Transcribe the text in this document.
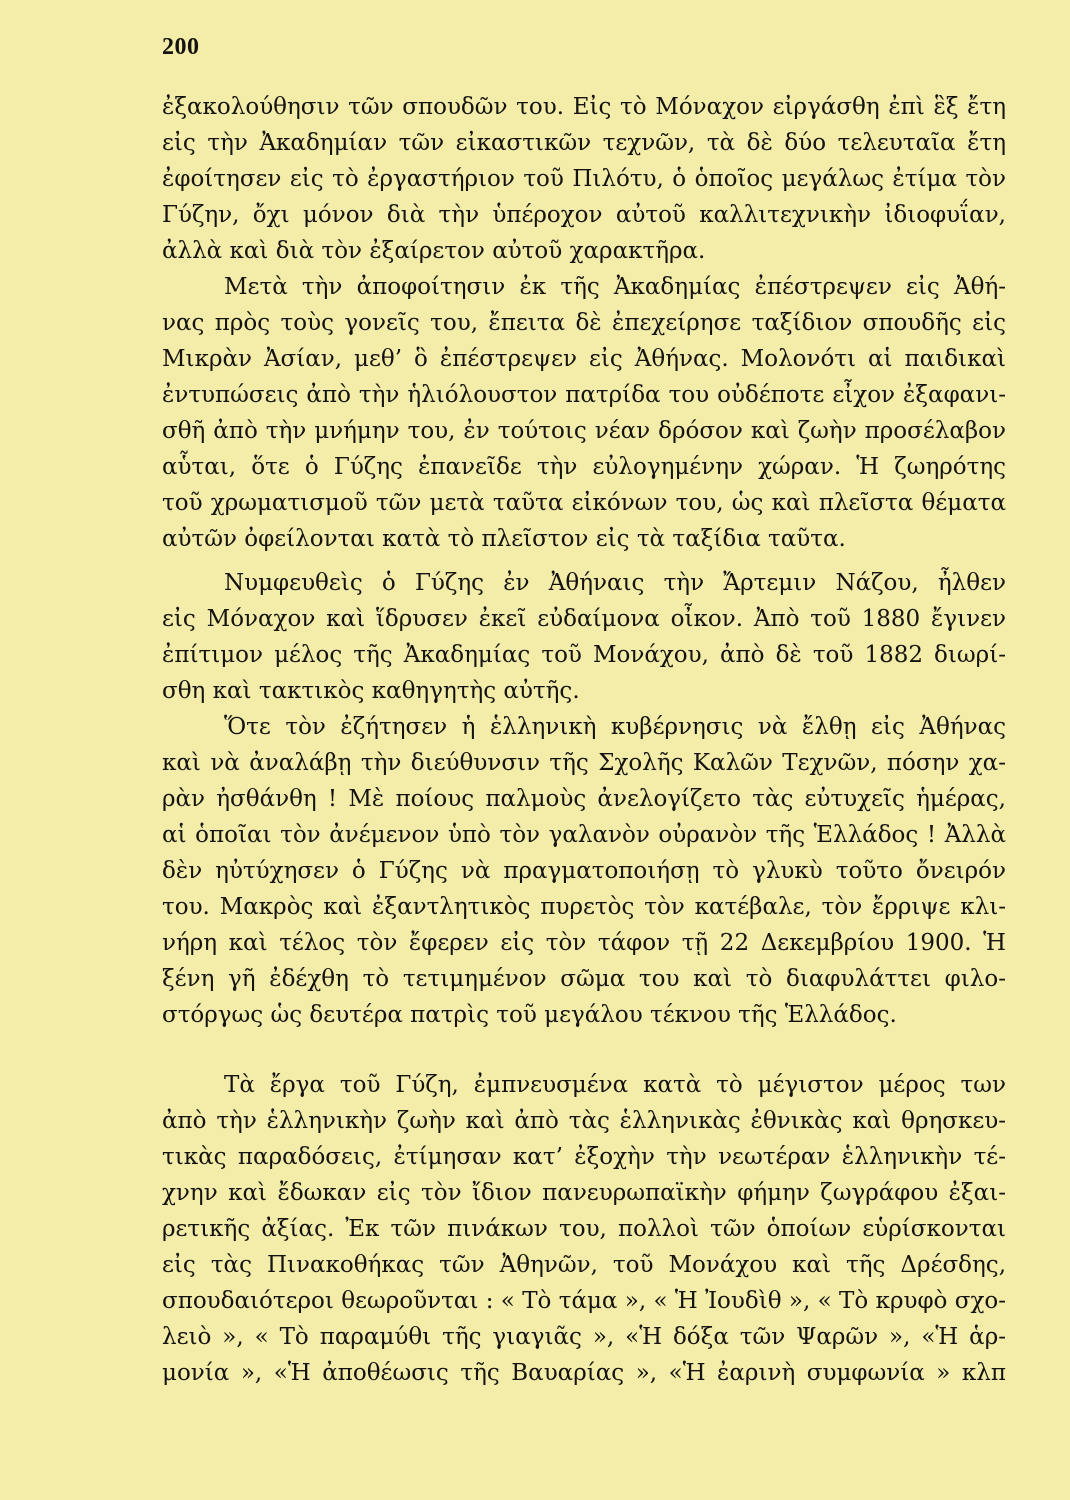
200
ἐξακολούθησιν τῶν σπουδῶν του. Εἰς τὸ Μόναχον εἰργάσθη ἐπὶ ἓξ ἔτη
εἰς τὴν Ἀκαδημίαν τῶν εἰκαστικῶν τεχνῶν, τὰ δὲ δύο τελευταῖα ἔτη
ἐφοίτησεν εἰς τὸ ἐργαστήριον τοῦ Πιλότυ, ὁ ὁποῖος μεγάλως ἐτίμα τὸν
Γύζην, ὄχι μόνον διὰ τὴν ὑπέροχον αὐτοῦ καλλιτεχνικὴν ἰδιοφυΐαν,
ἀλλὰ καὶ διὰ τὸν ἐξαίρετον αὐτοῦ χαρακτῆρα.
Μετὰ τὴν ἀποφοίτησιν ἐκ τῆς Ἀκαδημίας ἐπέστρεψεν εἰς Ἀθή-
νας πρὸς τοὺς γονεῖς του, ἔπειτα δὲ ἐπεχείρησε ταξίδιον σπουδῆς εἰς
Μικρὰν Ἀσίαν, μεθ’ ὃ ἐπέστρεψεν εἰς Ἀθήνας. Μολονότι αἱ παιδικαὶ
ἐντυπώσεις ἀπὸ τὴν ἡλιόλουστον πατρίδα του οὐδέποτε εἶχον ἐξαφανι-
σθῆ ἀπὸ τὴν μνήμην του, ἐν τούτοις νέαν δρόσον καὶ ζωὴν προσέλαβον
αὗται, ὅτε ὁ Γύζης ἐπανεῖδε τὴν εὐλογημένην χώραν. Ἡ ζωηρότης
τοῦ χρωματισμοῦ τῶν μετὰ ταῦτα εἰκόνων του, ὡς καὶ πλεῖστα θέματα
αὐτῶν ὀφείλονται κατὰ τὸ πλεῖστον εἰς τὰ ταξίδια ταῦτα.
Νυμφευθεὶς ὁ Γύζης ἐν Ἀθήναις τὴν Ἄρτεμιν Νάζου, ἦλθεν
εἰς Μόναχον καὶ ἵδρυσεν ἐκεῖ εὐδαίμονα οἶκον. Ἀπὸ τοῦ 1880 ἔγινεν
ἐπίτιμον μέλος τῆς Ἀκαδημίας τοῦ Μονάχου, ἀπὸ δὲ τοῦ 1882 διωρί-
σθη καὶ τακτικὸς καθηγητὴς αὐτῆς.
Ὅτε τὸν ἐζήτησεν ἡ ἑλληνικὴ κυβέρνησις νὰ ἔλθῃ εἰς Ἀθήνας
καὶ νὰ ἀναλάβῃ τὴν διεύθυνσιν τῆς Σχολῆς Καλῶν Τεχνῶν, πόσην χα-
ρὰν ἠσθάνθη ! Μὲ ποίους παλμοὺς ἀνελογίζετο τὰς εὐτυχεῖς ἡμέρας,
αἱ ὁποῖαι τὸν ἀνέμενον ὑπὸ τὸν γαλανὸν οὐρανὸν τῆς Ἑλλάδος ! Ἀλλὰ
δὲν ηὐτύχησεν ὁ Γύζης νὰ πραγματοποιήσῃ τὸ γλυκὺ τοῦτο ὄνειρόν
του. Μακρὸς καὶ ἐξαντλητικὸς πυρετὸς τὸν κατέβαλε, τὸν ἔρριψε κλι-
νήρη καὶ τέλος τὸν ἔφερεν εἰς τὸν τάφον τῇ 22 Δεκεμβρίου 1900. Ἡ
ξένη γῆ ἐδέχθη τὸ τετιμημένον σῶμα του καὶ τὸ διαφυλάττει φιλο-
στόργως ὡς δευτέρα πατρὶς τοῦ μεγάλου τέκνου τῆς Ἑλλάδος.
Τὰ ἔργα τοῦ Γύζη, ἐμπνευσμένα κατὰ τὸ μέγιστον μέρος των
ἀπὸ τὴν ἑλληνικὴν ζωὴν καὶ ἀπὸ τὰς ἑλληνικὰς ἐθνικὰς καὶ θρησκευ-
τικὰς παραδόσεις, ἐτίμησαν κατ’ ἐξοχὴν τὴν νεωτέραν ἑλληνικὴν τέ-
χνην καὶ ἔδωκαν εἰς τὸν ἴδιον πανευρωπαϊκὴν φήμην ζωγράφου ἐξαι-
ρετικῆς ἀξίας. Ἐκ τῶν πινάκων του, πολλοὶ τῶν ὁποίων εὑρίσκονται
εἰς τὰς Πινακοθήκας τῶν Ἀθηνῶν, τοῦ Μονάχου καὶ τῆς Δρέσδης,
σπουδαιότεροι θεωροῦνται : « Τὸ τάμα », « Ἡ Ἰουδὶθ », « Τὸ κρυφὸ σχο-
λειὸ », « Τὸ παραμύθι τῆς γιαγιᾶς », «Ἡ δόξα τῶν Ψαρῶν », «Ἡ ἁρ-
μονία », «Ἡ ἀποθέωσις τῆς Βαυαρίας », «Ἡ ἐαρινὴ συμφωνία » κλπ
